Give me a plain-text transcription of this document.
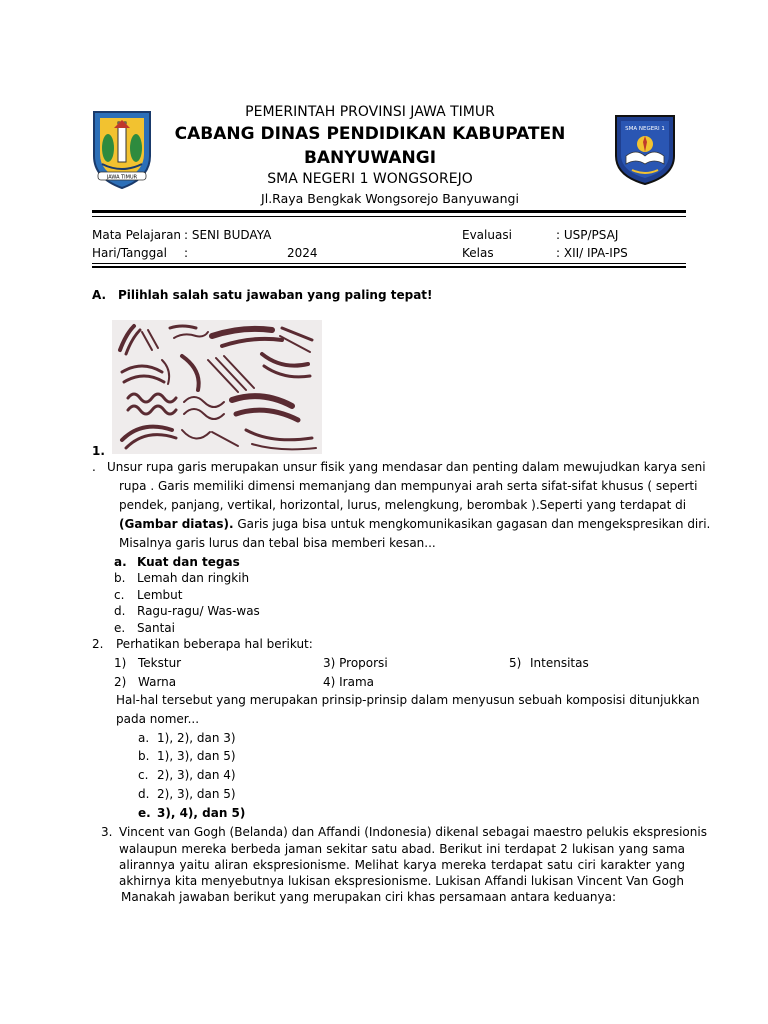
JAWA TIMUR
SMA NEGERI 1
PEMERINTAH PROVINSI JAWA TIMUR
CABANG DINAS PENDIDIKAN KABUPATEN
BANYUWANGI
SMA NEGERI 1 WONGSOREJO
Jl.Raya Bengkak Wongsorejo Banyuwangi
Mata Pelajaran : SENI BUDAYA	Evaluasi	: USP/PSAJ
Hari/Tanggal :	2024	Kelas	: XII/ IPA-IPS
A. Pilihlah salah satu jawaban yang paling tepat!
1.
. Unsur rupa garis merupakan unsur fisik yang mendasar dan penting dalam mewujudkan karya seni
rupa . Garis memiliki dimensi memanjang dan mempunyai arah serta sifat-sifat khusus ( seperti
pendek, panjang, vertikal, horizontal, lurus, melengkung, berombak ).Seperti yang terdapat di
(Gambar diatas). Garis juga bisa untuk mengkomunikasikan gagasan dan mengekspresikan diri.
Misalnya garis lurus dan tebal bisa memberi kesan...
a. Kuat dan tegas
b. Lemah dan ringkih
c. Lembut
d. Ragu-ragu/ Was-was
e. Santai
2. Perhatikan beberapa hal berikut:
1) Tekstur	3) Proporsi	5) Intensitas
2) Warna	4) Irama
Hal-hal tersebut yang merupakan prinsip-prinsip dalam menyusun sebuah komposisi ditunjukkan
pada nomer...
a. 1), 2), dan 3)
b. 1), 3), dan 5)
c. 2), 3), dan 4)
d. 2), 3), dan 5)
e. 3), 4), dan 5)
3. Vincent van Gogh (Belanda) dan Affandi (Indonesia) dikenal sebagai maestro pelukis ekspresionis
walaupun mereka berbeda jaman sekitar satu abad. Berikut ini terdapat 2 lukisan yang sama
alirannya yaitu aliran ekspresionisme. Melihat karya mereka terdapat satu ciri karakter yang
akhirnya kita menyebutnya lukisan ekspresionisme. Lukisan Affandi lukisan Vincent Van Gogh
Manakah jawaban berikut yang merupakan ciri khas persamaan antara keduanya:
